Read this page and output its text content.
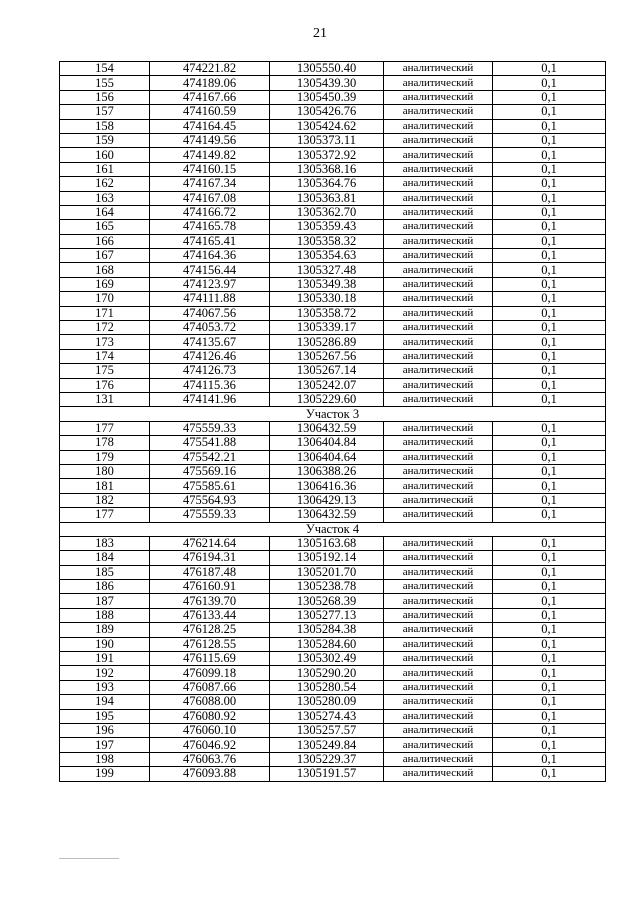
21
154	474221.82	1305550.40	аналитический	0,1
155	474189.06	1305439.30	аналитический	0,1
156	474167.66	1305450.39	аналитический	0,1
157	474160.59	1305426.76	аналитический	0,1
158	474164.45	1305424.62	аналитический	0,1
159	474149.56	1305373.11	аналитический	0,1
160	474149.82	1305372.92	аналитический	0,1
161	474160.15	1305368.16	аналитический	0,1
162	474167.34	1305364.76	аналитический	0,1
163	474167.08	1305363.81	аналитический	0,1
164	474166.72	1305362.70	аналитический	0,1
165	474165.78	1305359.43	аналитический	0,1
166	474165.41	1305358.32	аналитический	0,1
167	474164.36	1305354.63	аналитический	0,1
168	474156.44	1305327.48	аналитический	0,1
169	474123.97	1305349.38	аналитический	0,1
170	474111.88	1305330.18	аналитический	0,1
171	474067.56	1305358.72	аналитический	0,1
172	474053.72	1305339.17	аналитический	0,1
173	474135.67	1305286.89	аналитический	0,1
174	474126.46	1305267.56	аналитический	0,1
175	474126.73	1305267.14	аналитический	0,1
176	474115.36	1305242.07	аналитический	0,1
131	474141.96	1305229.60	аналитический	0,1
Участок 3				
177	475559.33	1306432.59	аналитический	0,1
178	475541.88	1306404.84	аналитический	0,1
179	475542.21	1306404.64	аналитический	0,1
180	475569.16	1306388.26	аналитический	0,1
181	475585.61	1306416.36	аналитический	0,1
182	475564.93	1306429.13	аналитический	0,1
177	475559.33	1306432.59	аналитический	0,1
Участок 4				
183	476214.64	1305163.68	аналитический	0,1
184	476194.31	1305192.14	аналитический	0,1
185	476187.48	1305201.70	аналитический	0,1
186	476160.91	1305238.78	аналитический	0,1
187	476139.70	1305268.39	аналитический	0,1
188	476133.44	1305277.13	аналитический	0,1
189	476128.25	1305284.38	аналитический	0,1
190	476128.55	1305284.60	аналитический	0,1
191	476115.69	1305302.49	аналитический	0,1
192	476099.18	1305290.20	аналитический	0,1
193	476087.66	1305280.54	аналитический	0,1
194	476088.00	1305280.09	аналитический	0,1
195	476080.92	1305274.43	аналитический	0,1
196	476060.10	1305257.57	аналитический	0,1
197	476046.92	1305249.84	аналитический	0,1
198	476063.76	1305229.37	аналитический	0,1
199	476093.88	1305191.57	аналитический	0,1
